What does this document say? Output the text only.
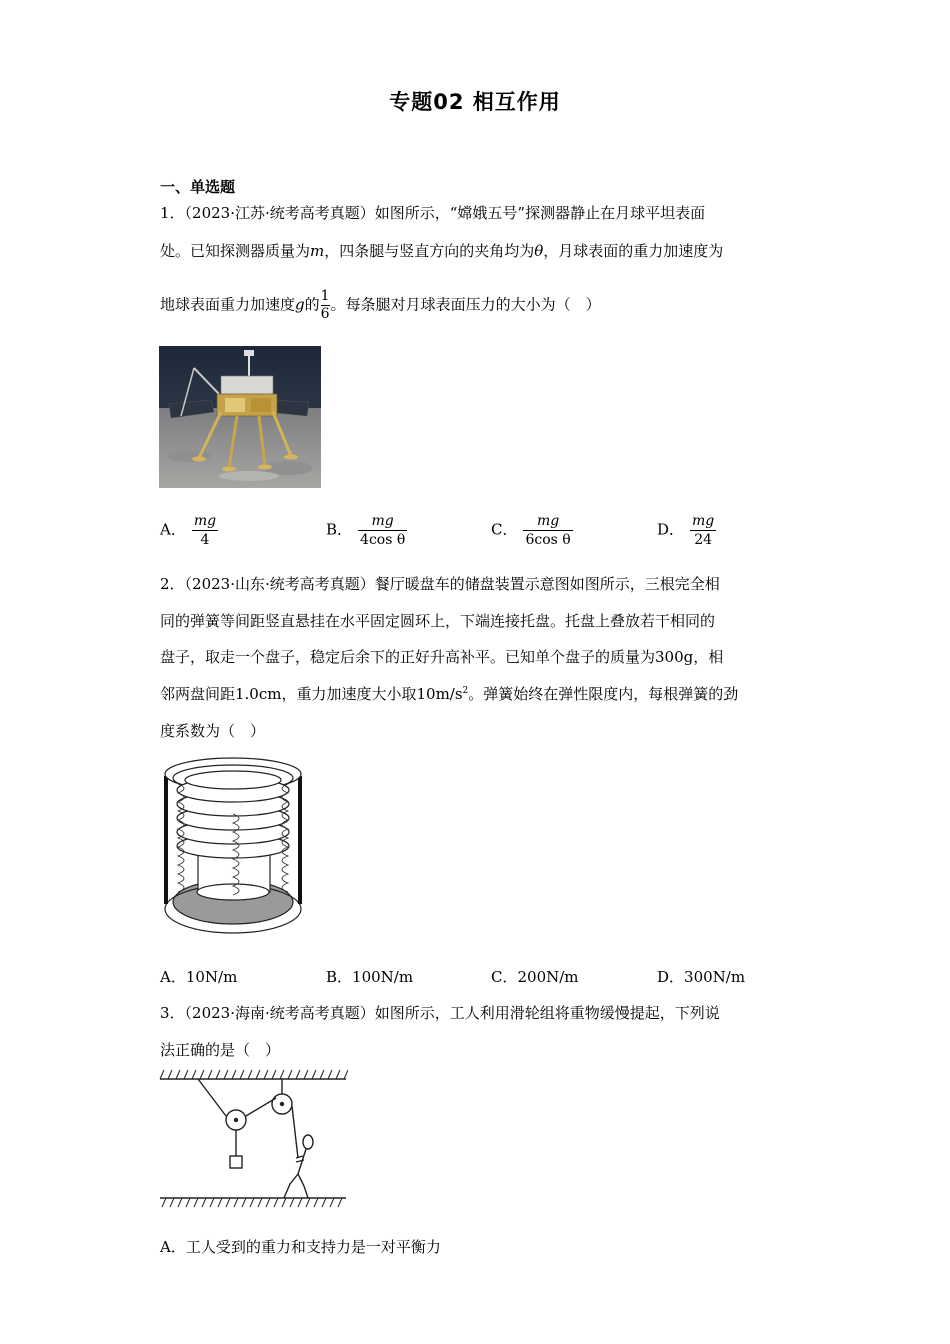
专题02 相互作用
一、单选题
1．（2023·江苏·统考高考真题）如图所示，“嫦娥五号”探测器静止在月球平坦表面
处。已知探测器质量为m，四条腿与竖直方向的夹角均为θ，月球表面的重力加速度为
地球表面重力加速度g的 $\frac{1}{6}$ 。每条腿对月球表面压力的大小为（　）
A． $\frac{mg}{4}$	B． $\frac{mg}{\text{4cos θ}}$	C． $\frac{mg}{\text{6cos θ}}$	D． $\frac{mg}{24}$
2．（2023·山东·统考高考真题）餐厅暖盘车的储盘装置示意图如图所示，三根完全相
同的弹簧等间距竖直悬挂在水平固定圆环上，下端连接托盘。托盘上叠放若干相同的
盘子，取走一个盘子，稳定后余下的正好升高补平。已知单个盘子的质量为300g，相
邻两盘间距1.0cm，重力加速度大小取$10m/s^2$。弹簧始终在弹性限度内，每根弹簧的劲
度系数为（　）
A．10N/m	B．100N/m	C．200N/m	D．300N/m
3．（2023·海南·统考高考真题）如图所示，工人利用滑轮组将重物缓慢提起，下列说
法正确的是（　）
A．工人受到的重力和支持力是一对平衡力
